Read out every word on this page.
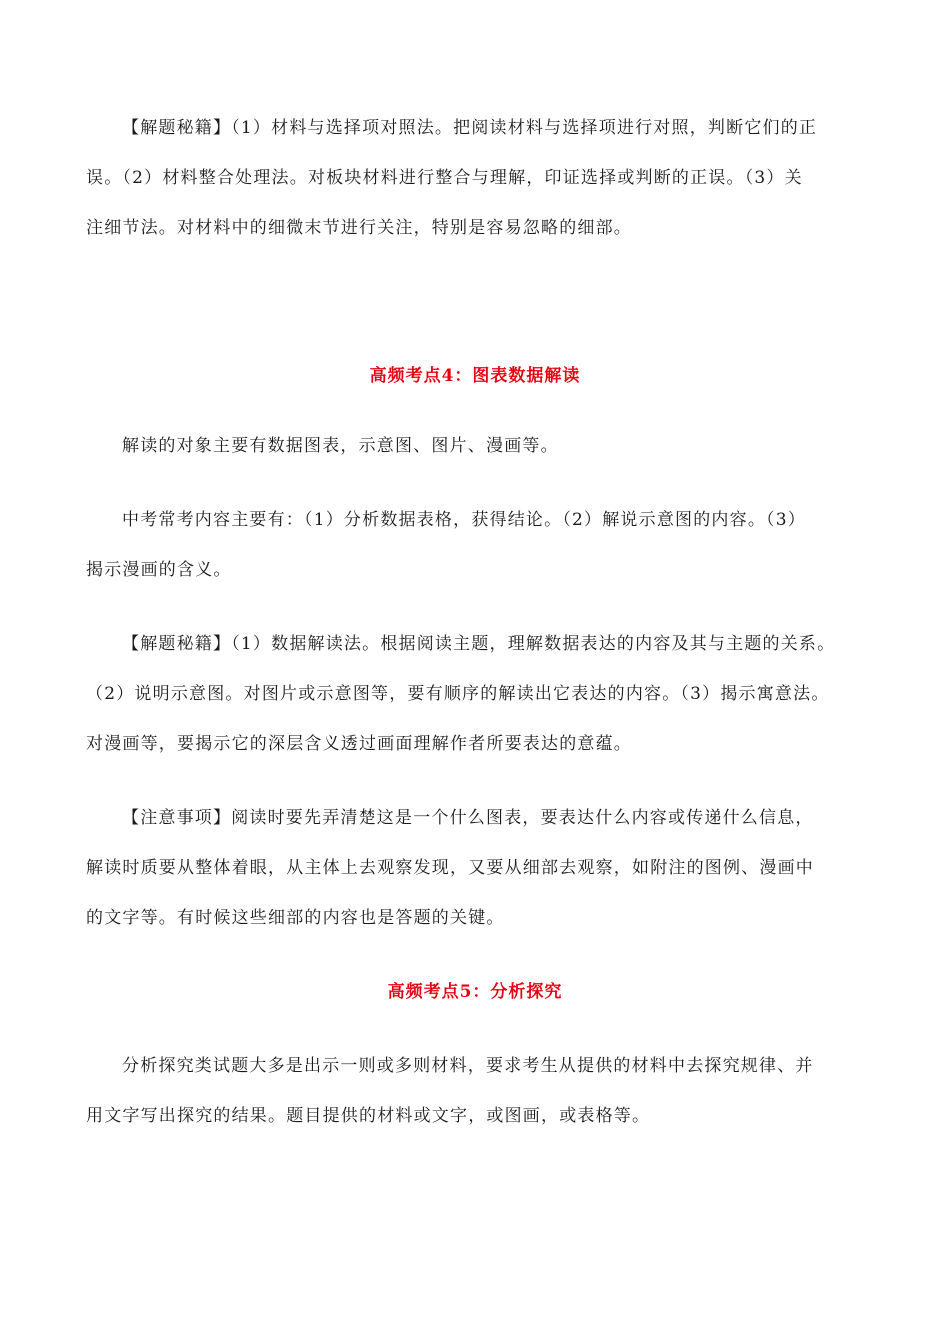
【解题秘籍】（1）材料与选择项对照法。把阅读材料与选择项进行对照，判断它们的正
误。（2）材料整合处理法。对板块材料进行整合与理解，印证选择或判断的正误。（3）关
注细节法。对材料中的细微末节进行关注，特别是容易忽略的细部。
高频考点4：图表数据解读
解读的对象主要有数据图表，示意图、图片、漫画等。
中考常考内容主要有：（1）分析数据表格，获得结论。（2）解说示意图的内容。（3）
揭示漫画的含义。
【解题秘籍】（1）数据解读法。根据阅读主题，理解数据表达的内容及其与主题的关系。
（2）说明示意图。对图片或示意图等，要有顺序的解读出它表达的内容。（3）揭示寓意法。
对漫画等，要揭示它的深层含义透过画面理解作者所要表达的意蕴。
【注意事项】阅读时要先弄清楚这是一个什么图表，要表达什么内容或传递什么信息，
解读时质要从整体着眼，从主体上去观察发现，又要从细部去观察，如附注的图例、漫画中
的文字等。有时候这些细部的内容也是答题的关键。
高频考点5：分析探究
分析探究类试题大多是出示一则或多则材料，要求考生从提供的材料中去探究规律、并
用文字写出探究的结果。题目提供的材料或文字，或图画，或表格等。
